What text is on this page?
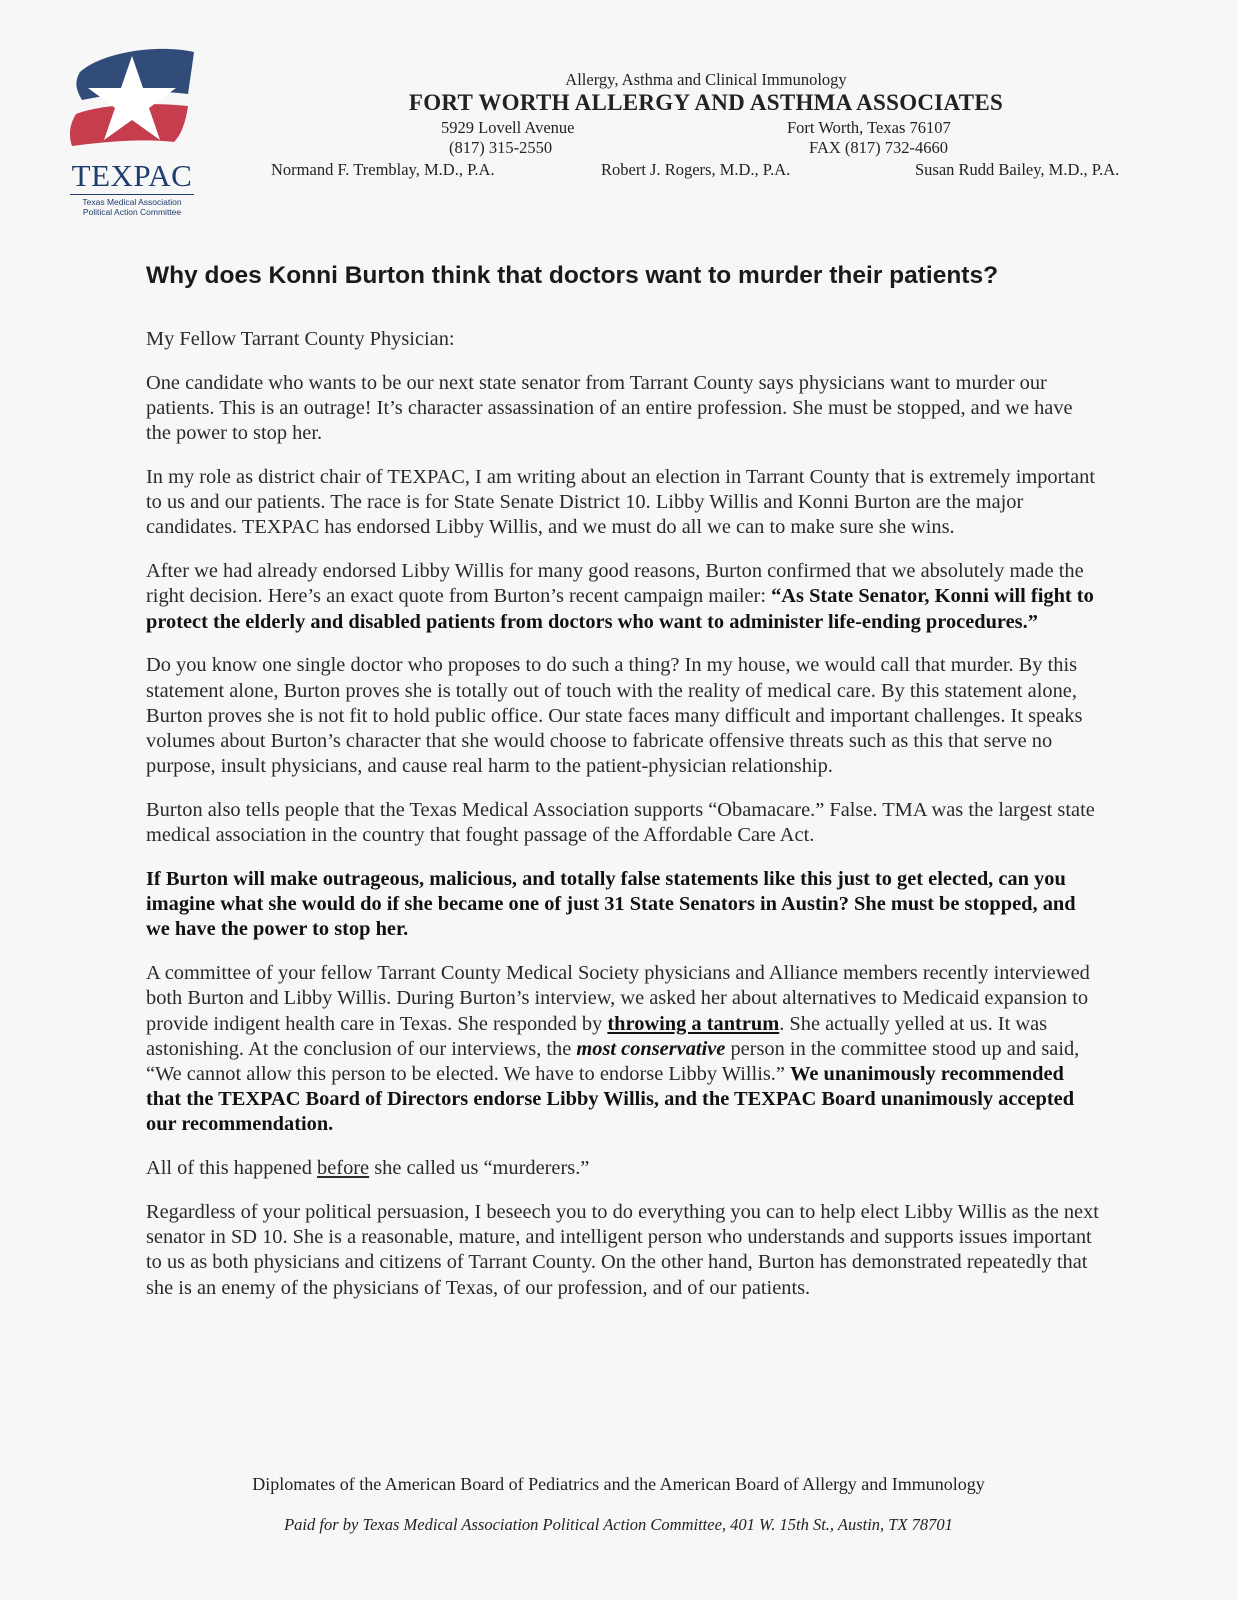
TEXPAC
Texas Medical Association
Political Action Committee
Allergy, Asthma and Clinical Immunology
FORT WORTH ALLERGY AND ASTHMA ASSOCIATES
5929 Lovell Avenue	Fort Worth, Texas 76107
(817) 315-2550	FAX (817) 732-4660
Normand F. Tremblay, M.D., P.A.	Robert J. Rogers, M.D., P.A.	Susan Rudd Bailey, M.D., P.A.
Why does Konni Burton think that doctors want to murder their patients?

My Fellow Tarrant County Physician:

One candidate who wants to be our next state senator from Tarrant County says physicians want to murder our patients. This is an outrage! It’s character assassination of an entire profession. She must be stopped, and we have the power to stop her.

In my role as district chair of TEXPAC, I am writing about an election in Tarrant County that is extremely important to us and our patients. The race is for State Senate District 10. Libby Willis and Konni Burton are the major candidates. TEXPAC has endorsed Libby Willis, and we must do all we can to make sure she wins.

After we had already endorsed Libby Willis for many good reasons, Burton confirmed that we absolutely made the right decision. Here’s an exact quote from Burton’s recent campaign mailer: “As State Senator, Konni will fight to protect the elderly and disabled patients from doctors who want to administer life-ending procedures.”

Do you know one single doctor who proposes to do such a thing? In my house, we would call that murder. By this statement alone, Burton proves she is totally out of touch with the reality of medical care. By this statement alone, Burton proves she is not fit to hold public office. Our state faces many difficult and important challenges. It speaks volumes about Burton’s character that she would choose to fabricate offensive threats such as this that serve no purpose, insult physicians, and cause real harm to the patient-physician relationship.

Burton also tells people that the Texas Medical Association supports “Obamacare.” False. TMA was the largest state medical association in the country that fought passage of the Affordable Care Act.

If Burton will make outrageous, malicious, and totally false statements like this just to get elected, can you imagine what she would do if she became one of just 31 State Senators in Austin? She must be stopped, and we have the power to stop her.

A committee of your fellow Tarrant County Medical Society physicians and Alliance members recently interviewed both Burton and Libby Willis. During Burton’s interview, we asked her about alternatives to Medicaid expansion to provide indigent health care in Texas. She responded by throwing a tantrum. She actually yelled at us. It was astonishing. At the conclusion of our interviews, the most conservative person in the committee stood up and said, “We cannot allow this person to be elected. We have to endorse Libby Willis.” We unanimously recommended that the TEXPAC Board of Directors endorse Libby Willis, and the TEXPAC Board unanimously accepted our recommendation.

All of this happened before she called us “murderers.”

Regardless of your political persuasion, I beseech you to do everything you can to help elect Libby Willis as the next senator in SD 10. She is a reasonable, mature, and intelligent person who understands and supports issues important to us as both physicians and citizens of Tarrant County. On the other hand, Burton has demonstrated repeatedly that she is an enemy of the physicians of Texas, of our profession, and of our patients.

Diplomates of the American Board of Pediatrics and the American Board of Allergy and Immunology
Paid for by Texas Medical Association Political Action Committee, 401 W. 15th St., Austin, TX 78701
